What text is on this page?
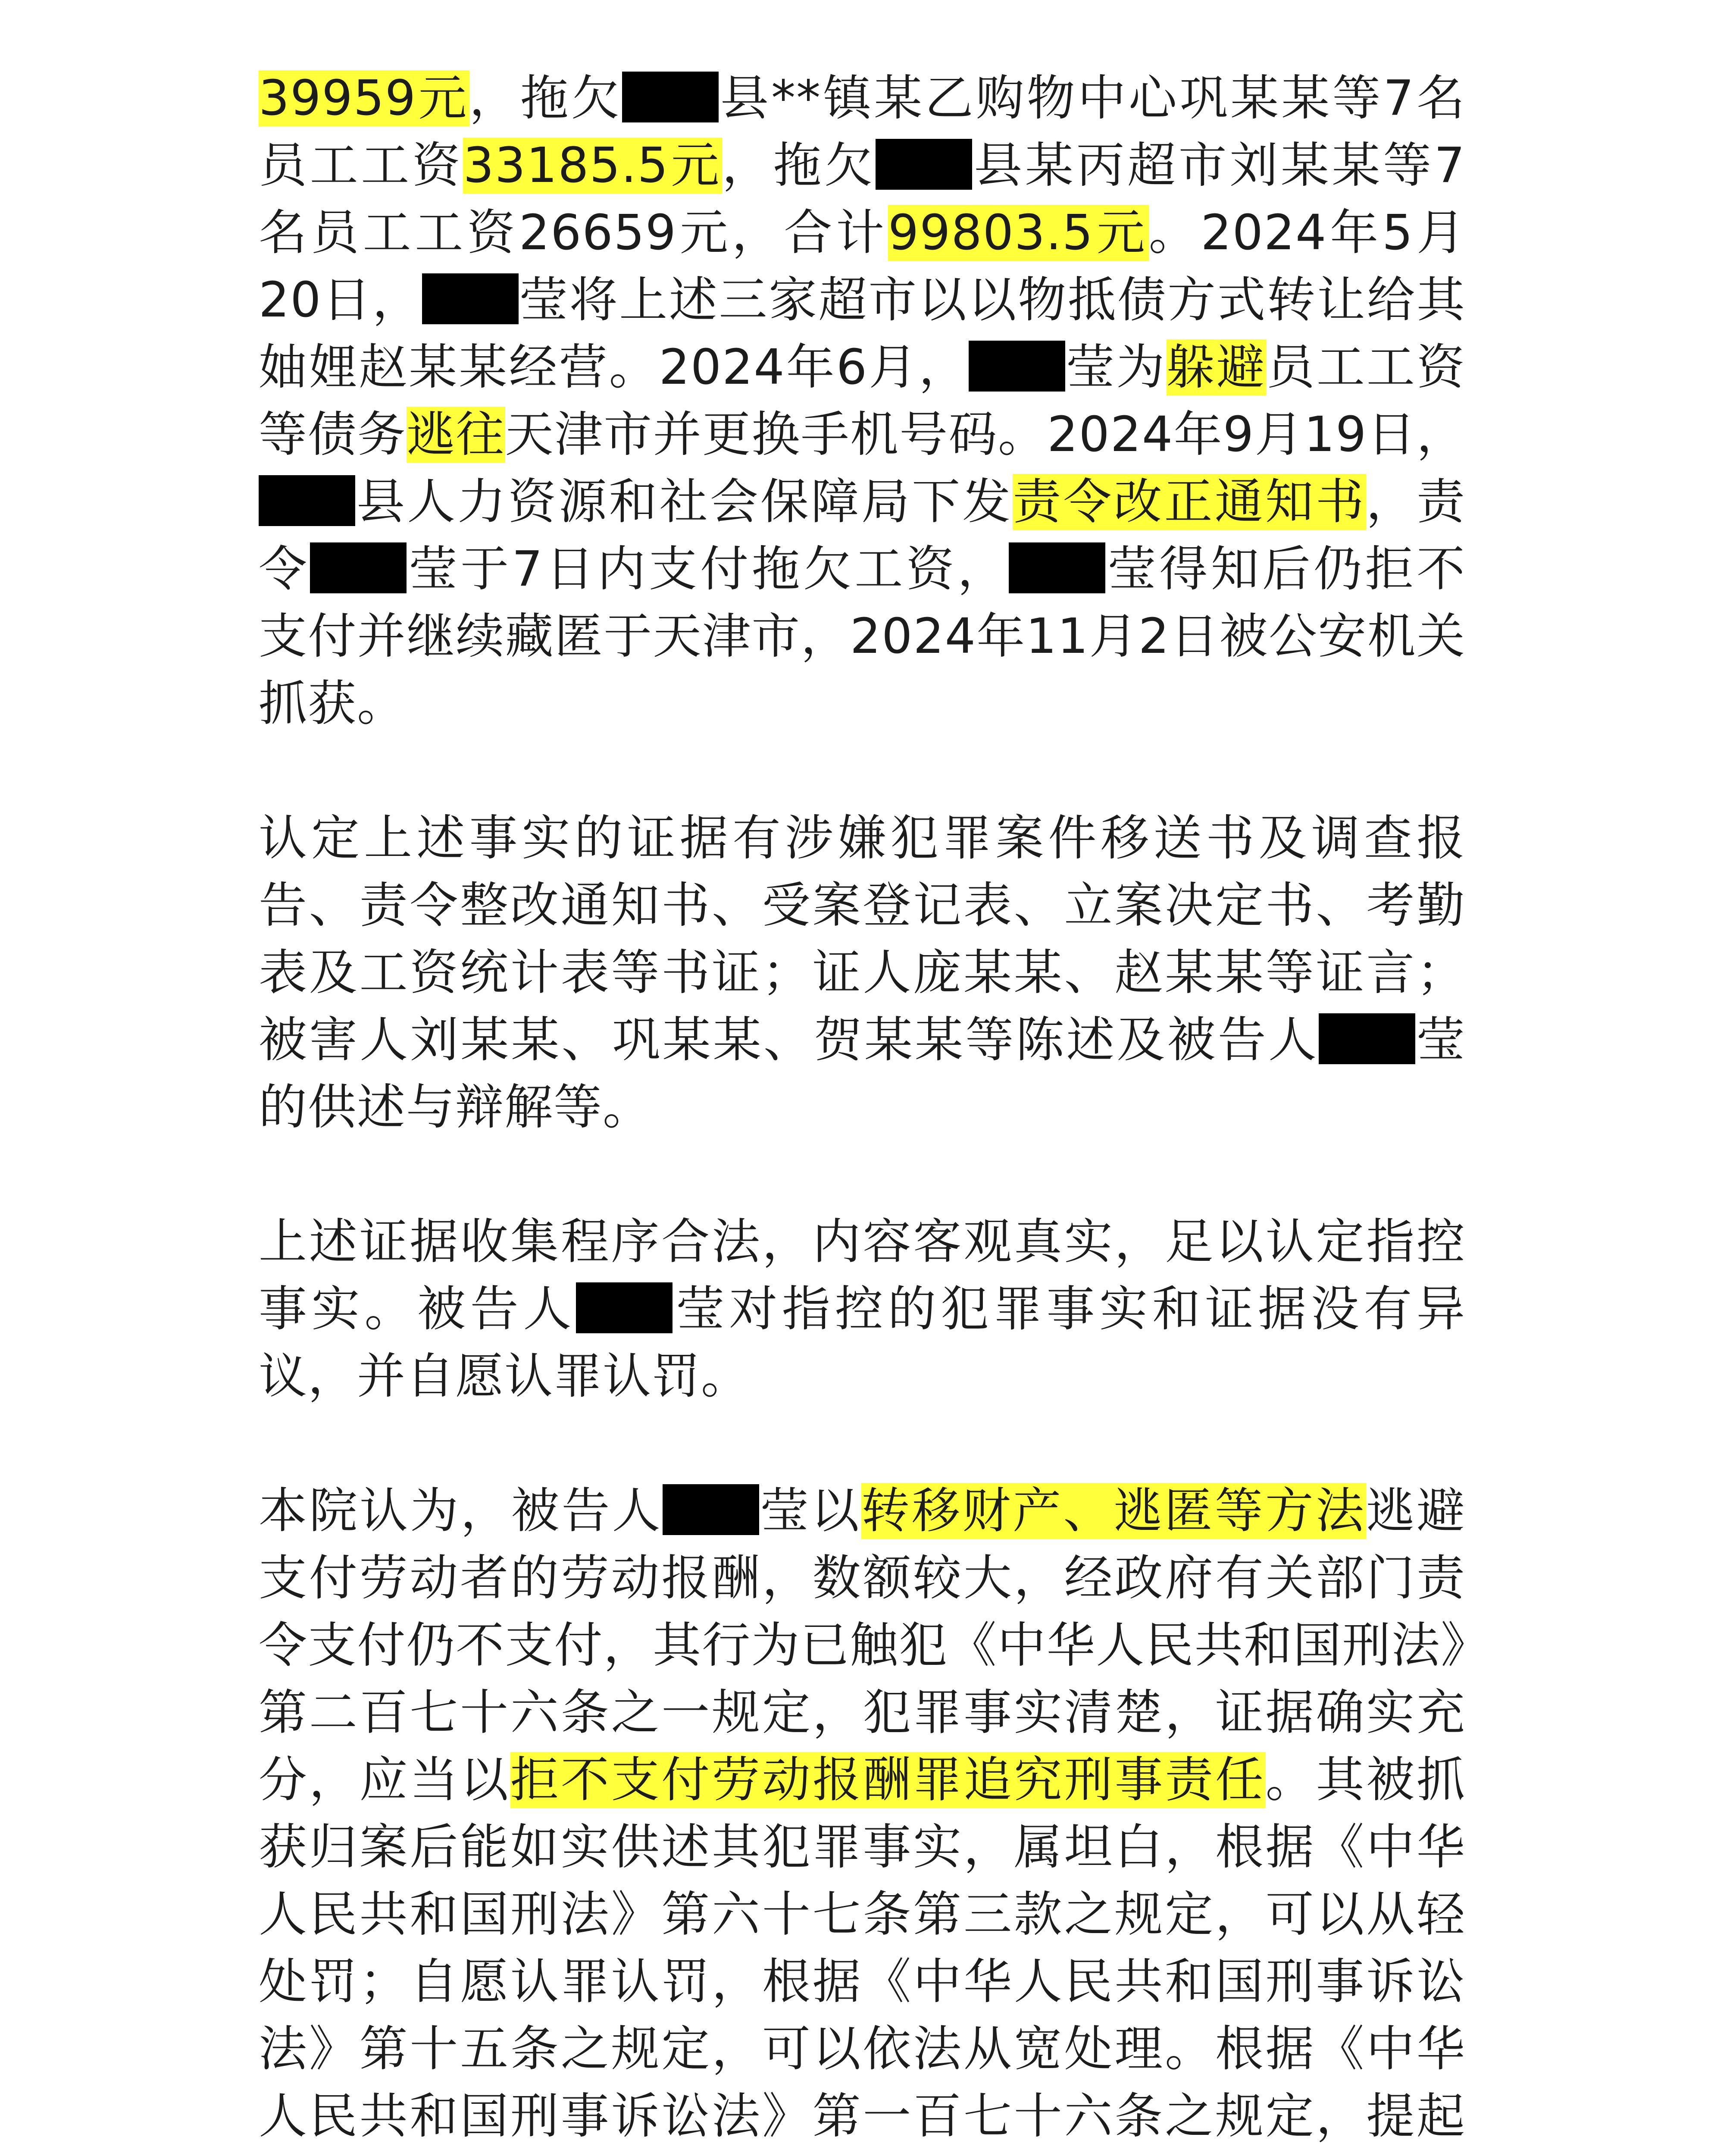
39959元，拖欠 县**镇某乙购物中心巩某某等7名员工工资33185.5元，拖欠 县某丙超市刘某某等7名员工工资26659元，合计99803.5元。2024年5月20日， 莹将上述三家超市以以物抵债方式转让给其妯娌赵某某经营。2024年6月， 莹为躲避员工工资等债务逃往天津市并更换手机号码。2024年9月19日，县人力资源和社会保障局下发责令改正通知书，责令 莹于7日内支付拖欠工资， 莹得知后仍拒不支付并继续藏匿于天津市，2024年11月2日被公安机关抓获。

认定上述事实的证据有涉嫌犯罪案件移送书及调查报告、责令整改通知书、受案登记表、立案决定书、考勤表及工资统计表等书证；证人庞某某、赵某某等证言；被害人刘某某、巩某某、贺某某等陈述及被告人 莹的供述与辩解等。

上述证据收集程序合法，内容客观真实，足以认定指控事实。被告人 莹对指控的犯罪事实和证据没有异议，并自愿认罪认罚。

本院认为，被告人 莹以转移财产、逃匿等方法逃避支付劳动者的劳动报酬，数额较大，经政府有关部门责令支付仍不支付，其行为已触犯《中华人民共和国刑法》第二百七十六条之一规定，犯罪事实清楚，证据确实充分，应当以拒不支付劳动报酬罪追究刑事责任。其被抓获归案后能如实供述其犯罪事实，属坦白，根据《中华人民共和国刑法》第六十七条第三款之规定，可以从轻处罚；自愿认罪认罚，根据《中华人民共和国刑事诉讼法》第十五条之规定，可以依法从宽处理。根据《中华人民共和国刑事诉讼法》第一百七十六条之规定，提起
